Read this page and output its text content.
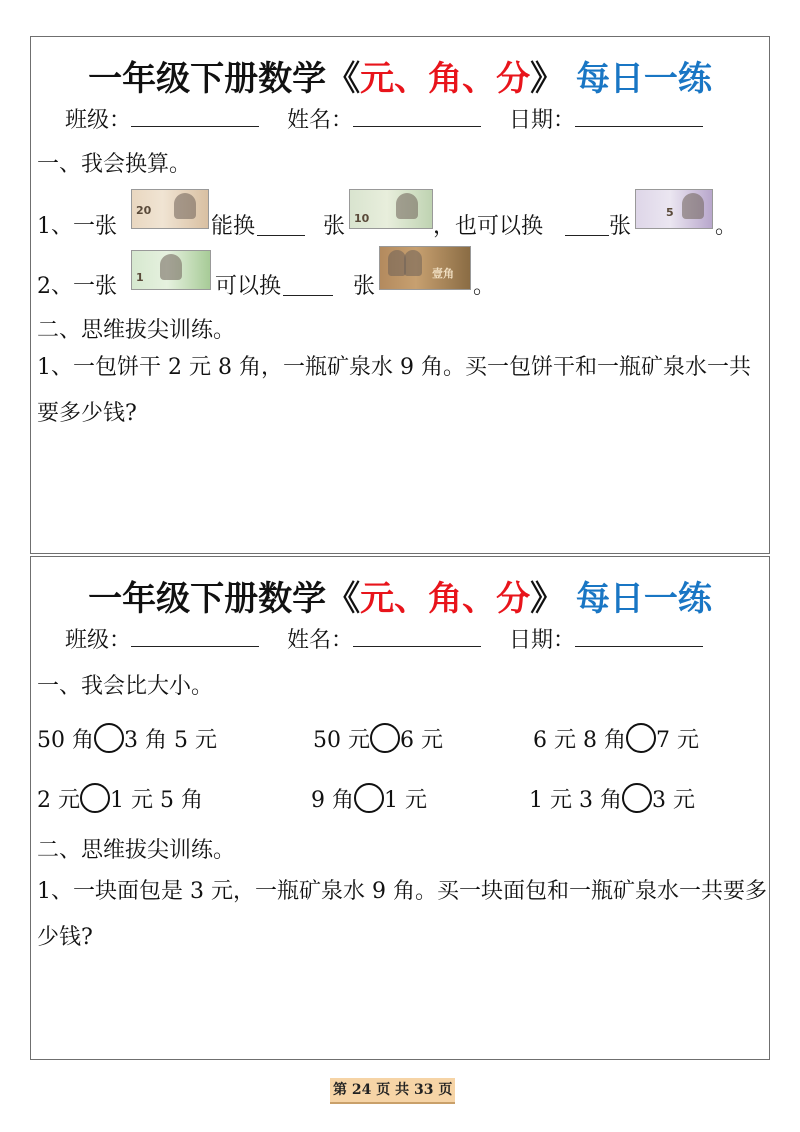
一年级下册数学《元、角、分》 每日一练
班级：	姓名：	日期：
一、我会换算。
1、一张
20
能换	张 10	，也可以换	张
5
。
2、一张 1	可以换	张
壹角
。
二、思维拔尖训练。
1、一包饼干 2 元 8 角，一瓶矿泉水 9 角。买一包饼干和一瓶矿泉水一共要多少钱?
一年级下册数学《元、角、分》 每日一练
班级：	姓名：	日期：
一、我会比大小。
50 角 3 角 5 元	50 元 6 元	6 元 8 角 7 元
2 元 1 元 5 角	9 角 1 元	1 元 3 角 3 元
二、思维拔尖训练。
1、一块面包是 3 元，一瓶矿泉水 9 角。买一块面包和一瓶矿泉水一共要多少钱?
第 24 页 共 33 页
